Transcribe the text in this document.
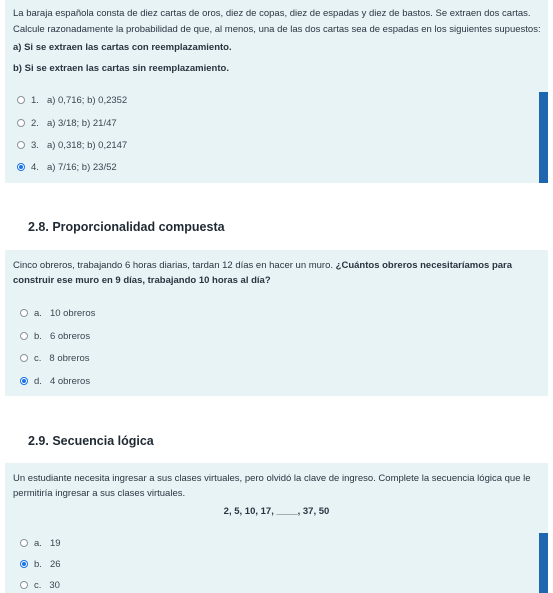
La baraja española consta de diez cartas de oros, diez de copas, diez de espadas y diez de bastos. Se extraen dos cartas.
Calcule razonadamente la probabilidad de que, al menos, una de las dos cartas sea de espadas en los siguientes supuestos:
a) Si se extraen las cartas con reemplazamiento.
b) Si se extraen las cartas sin reemplazamiento.
1. a) 0,716; b) 0,2352
2. a) 3/18; b) 21/47
3. a) 0,318; b) 0,2147
4. a) 7/16; b) 23/52
2.8. Proporcionalidad compuesta
Cinco obreros, trabajando 6 horas diarias, tardan 12 días en hacer un muro. ¿Cuántos obreros necesitaríamos para
construir ese muro en 9 días, trabajando 10 horas al día?
a. 10 obreros
b. 6 obreros
c. 8 obreros
d. 4 obreros
2.9. Secuencia lógica
Un estudiante necesita ingresar a sus clases virtuales, pero olvidó la clave de ingreso. Complete la secuencia lógica que le
permitiría ingresar a sus clases virtuales.
2, 5, 10, 17, ____, 37, 50
a. 19
b. 26
c. 30
